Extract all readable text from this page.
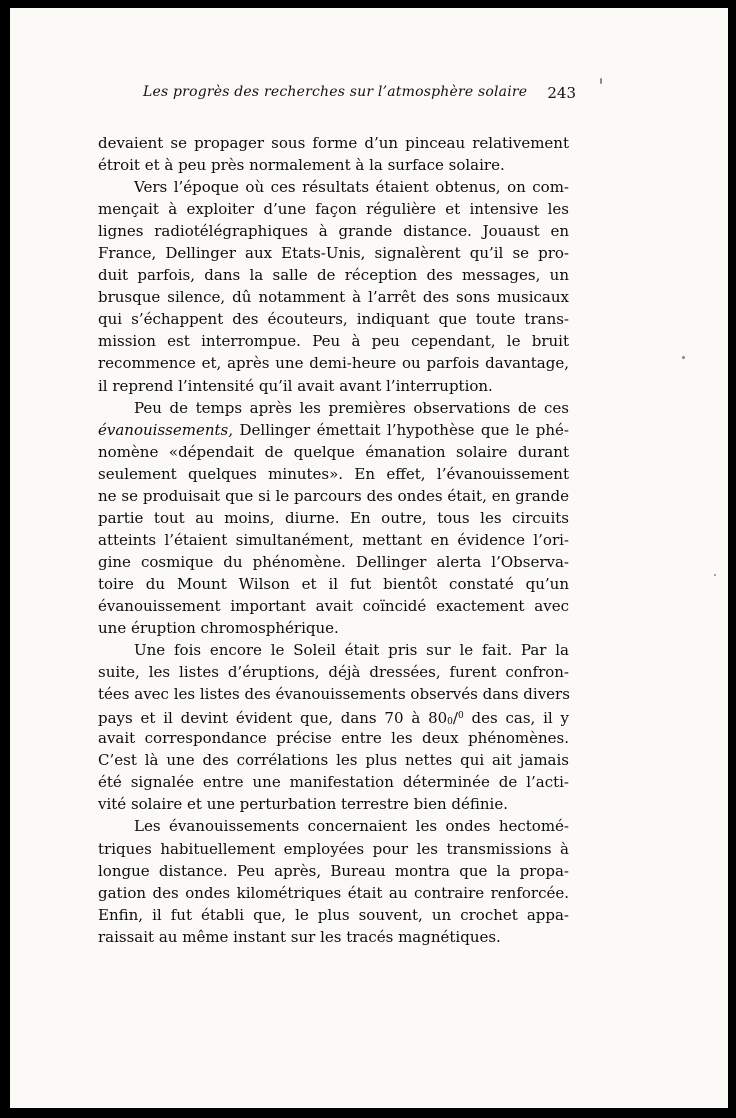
Les progrès des recherches sur l’atmosphère solaire 243
devaient se propager sous forme d’un pinceau relativement
étroit et à peu près normalement à la surface solaire.
Vers l’époque où ces résultats étaient obtenus, on com-
mençait à exploiter d’une façon régulière et intensive les
lignes radiotélégraphiques à grande distance. Jouaust en
France, Dellinger aux Etats-Unis, signalèrent qu’il se pro-
duit parfois, dans la salle de réception des messages, un
brusque silence, dû notamment à l’arrêt des sons musicaux
qui s’échappent des écouteurs, indiquant que toute trans-
mission est interrompue. Peu à peu cependant, le bruit
recommence et, après une demi-heure ou parfois davantage,
il reprend l’intensité qu’il avait avant l’interruption.
Peu de temps après les premières observations de ces
évanouissements, Dellinger émettait l’hypothèse que le phé-
nomène «dépendait de quelque émanation solaire durant
seulement quelques minutes». En effet, l’évanouissement
ne se produisait que si le parcours des ondes était, en grande
partie tout au moins, diurne. En outre, tous les circuits
atteints l’étaient simultanément, mettant en évidence l’ori-
gine cosmique du phénomène. Dellinger alerta l’Observa-
toire du Mount Wilson et il fut bientôt constaté qu’un
évanouissement important avait coïncidé exactement avec
une éruption chromosphérique.
Une fois encore le Soleil était pris sur le fait. Par la
suite, les listes d’éruptions, déjà dressées, furent confron-
tées avec les listes des évanouissements observés dans divers
pays et il devint évident que, dans 70 à 800/$^0$ des cas, il y
avait correspondance précise entre les deux phénomènes.
C’est là une des corrélations les plus nettes qui ait jamais
été signalée entre une manifestation déterminée de l’acti-
vité solaire et une perturbation terrestre bien définie.
Les évanouissements concernaient les ondes hectomé-
triques habituellement employées pour les transmissions à
longue distance. Peu après, Bureau montra que la propa-
gation des ondes kilométriques était au contraire renforcée.
Enfin, il fut établi que, le plus souvent, un crochet appa-
raissait au même instant sur les tracés magnétiques.
